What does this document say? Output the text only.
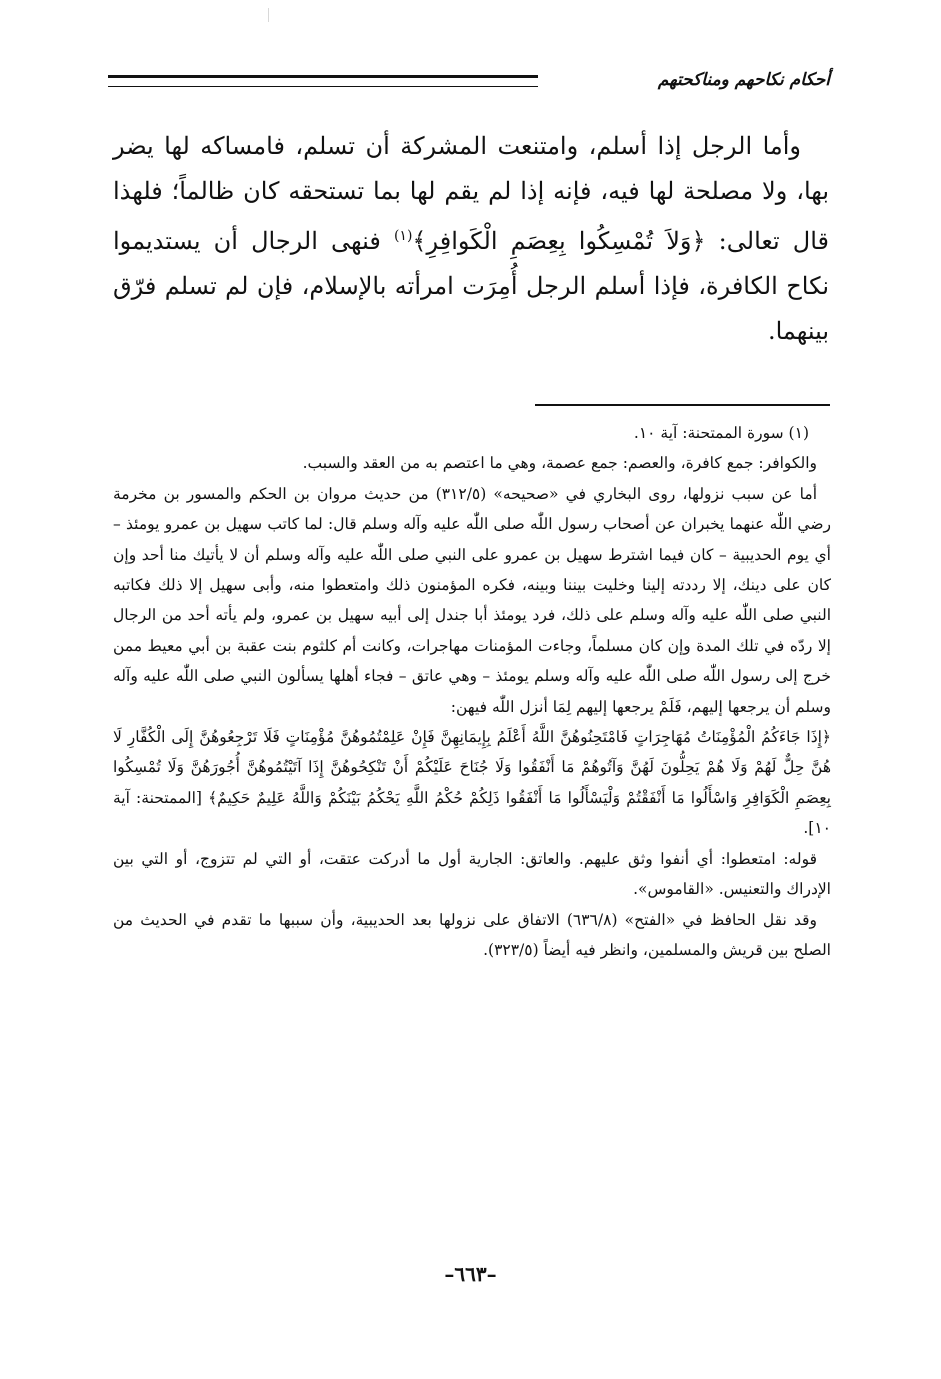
أحكام نكاحهم ومناكحتهم

وأما الرجل إذا أسلم، وامتنعت المشركة أن تسلم، فامساكه لها يضر بها، ولا مصلحة لها فيه، فإنه إذا لم يقم لها بما تستحقه كان ظالماً؛ فلهذا قال تعالى: ﴿وَلاَ تُمْسِكُوا بِعِصَمِ الْكَوافِرِ﴾$^{(١)}$ فنهى الرجال أن يستديموا نكاح الكافرة، فإذا أسلم الرجل أُمِرَت امرأته بالإسلام، فإن لم تسلم فرّق بينهما.

(١) سورة الممتحنة: آية ١٠.

والكوافر: جمع كافرة، والعصم: جمع عصمة، وهي ما اعتصم به من العقد والسبب.

أما عن سبب نزولها، روى البخاري في «صحيحه» (٣١٢/٥) من حديث مروان بن الحكم والمسور بن مخرمة رضي اللّٰه عنهما يخبران عن أصحاب رسول اللّٰه صلى اللّٰه عليه وآله وسلم قال: لما كاتب سهيل بن عمرو يومئذ – أي يوم الحديبية – كان فيما اشترط سهيل بن عمرو على النبي صلى اللّٰه عليه وآله وسلم أن لا يأتيك منا أحد وإن كان على دينك، إلا رددته إلينا وخليت بيننا وبينه، فكره المؤمنون ذلك وامتعطوا منه، وأبى سهيل إلا ذلك فكاتبه النبي صلى اللّٰه عليه وآله وسلم على ذلك، فرد يومئذ أبا جندل إلى أبيه سهيل بن عمرو، ولم يأته أحد من الرجال إلا ردّه في تلك المدة وإن كان مسلماً، وجاءت المؤمنات مهاجرات، وكانت أم كلثوم بنت عقبة بن أبي معيط ممن خرج إلى رسول اللّٰه صلى اللّٰه عليه وآله وسلم يومئذ – وهي عاتق – فجاء أهلها يسألون النبي صلى اللّٰه عليه وآله وسلم أن يرجعها إليهم، فَلَمْ يرجعها إليهم لِمَا أنزل اللّٰه فيهن:

﴿إِذَا جَاءَكُمُ الْمُؤْمِنَاتُ مُهَاجِرَاتٍ فَامْتَحِنُوهُنَّ اللَّهُ أَعْلَمُ بِإِيمَانِهِنَّ فَإِنْ عَلِمْتُمُوهُنَّ مُؤْمِنَاتٍ فَلَا تَرْجِعُوهُنَّ إِلَى الْكُفَّارِ لَا هُنَّ حِلٌّ لَهُمْ وَلَا هُمْ يَحِلُّونَ لَهُنَّ وَآتُوهُمْ مَا أَنْفَقُوا وَلَا جُنَاحَ عَلَيْكُمْ أَنْ تَنْكِحُوهُنَّ إِذَا آتَيْتُمُوهُنَّ أُجُورَهُنَّ وَلَا تُمْسِكُوا بِعِصَمِ الْكَوَافِرِ وَاسْأَلُوا مَا أَنْفَقْتُمْ وَلْيَسْأَلُوا مَا أَنْفَقُوا ذَلِكُمْ حُكْمُ اللَّهِ يَحْكُمُ بَيْنَكُمْ وَاللَّهُ عَلِيمٌ حَكِيمٌ﴾ [الممتحنة: آية ١٠].

قوله: امتعطوا: أي أنفوا وثق عليهم. والعاتق: الجارية أول ما أدركت عتقت، أو التي لم تتزوج، أو التي بين الإدراك والتعنيس. «القاموس».

وقد نقل الحافظ في «الفتح» (٦٣٦/٨) الاتفاق على نزولها بعد الحديبية، وأن سببها ما تقدم في الحديث من الصلح بين قريش والمسلمين، وانظر فيه أيضاً (٣٢٣/٥).

–٦٦٣–
